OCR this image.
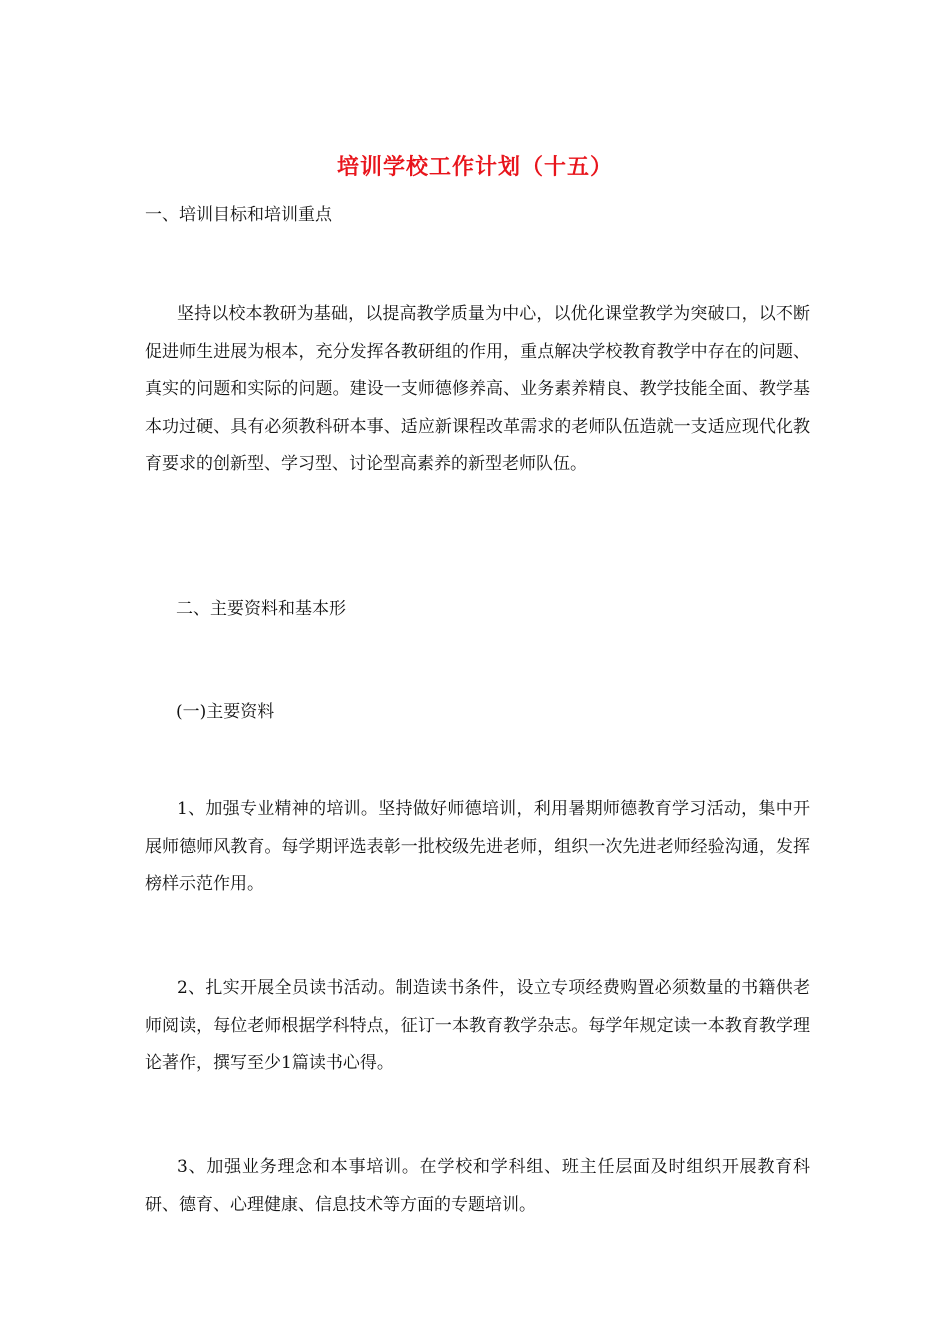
培训学校工作计划（十五）

一、培训目标和培训重点

坚持以校本教研为基础，以提高教学质量为中心，以优化课堂教学为突破口，以不断促进师生进展为根本，充分发挥各教研组的作用，重点解决学校教育教学中存在的问题、真实的问题和实际的问题。建设一支师德修养高、业务素养精良、教学技能全面、教学基本功过硬、具有必须教科研本事、适应新课程改革需求的老师队伍造就一支适应现代化教育要求的创新型、学习型、讨论型高素养的新型老师队伍。

二、主要资料和基本形

(一)主要资料

1、加强专业精神的培训。坚持做好师德培训，利用暑期师德教育学习活动，集中开展师德师风教育。每学期评选表彰一批校级先进老师，组织一次先进老师经验沟通，发挥榜样示范作用。

2、扎实开展全员读书活动。制造读书条件，设立专项经费购置必须数量的书籍供老师阅读，每位老师根据学科特点，征订一本教育教学杂志。每学年规定读一本教育教学理论著作，撰写至少1篇读书心得。

3、加强业务理念和本事培训。在学校和学科组、班主任层面及时组织开展教育科研、德育、心理健康、信息技术等方面的专题培训。
